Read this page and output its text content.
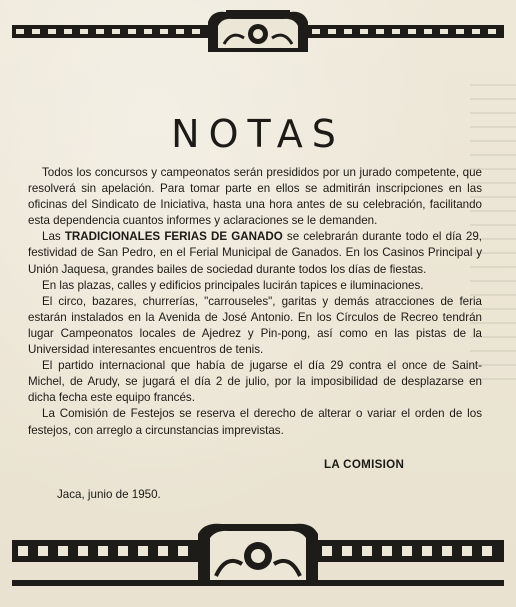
NOTAS

Todos los concursos y campeonatos serán presididos por un jurado competente, que resolverá sin apelación. Para tomar parte en ellos se admitirán inscripciones en las oficinas del Sindicato de Iniciativa, hasta una hora antes de su celebración, facilitando esta dependencia cuantos informes y aclaraciones se le demanden.

Las TRADICIONALES FERIAS DE GANADO se celebrarán durante todo el día 29, festividad de San Pedro, en el Ferial Municipal de Ganados. En los Casinos Principal y Unión Jaquesa, grandes bailes de sociedad durante todos los días de fiestas.

En las plazas, calles y edificios principales lucirán tapices e iluminaciones.

El circo, bazares, churrerías, "carrouseles", garitas y demás atracciones de feria estarán instalados en la Avenida de José Antonio. En los Círculos de Recreo tendrán lugar Campeonatos locales de Ajedrez y Pin-pong, así como en las pistas de la Universidad interesantes encuentros de tenis.

El partido internacional que había de jugarse el día 29 contra el once de Saint-Michel, de Arudy, se jugará el día 2 de julio, por la imposibilidad de desplazarse en dicha fecha este equipo francés.

La Comisión de Festejos se reserva el derecho de alterar o variar el orden de los festejos, con arreglo a circunstancias imprevistas.

LA COMISION
Jaca, junio de 1950.
